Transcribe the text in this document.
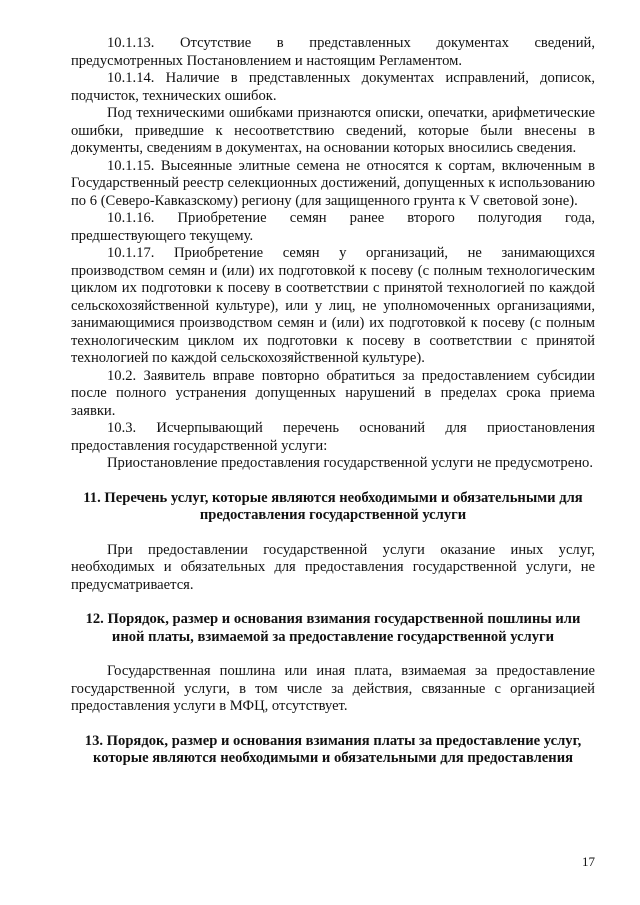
10.1.13. Отсутствие в представленных документах сведений, предусмотренных Постановлением и настоящим Регламентом.

10.1.14. Наличие в представленных документах исправлений, дописок, подчисток, технических ошибок.

Под техническими ошибками признаются описки, опечатки, арифметические ошибки, приведшие к несоответствию сведений, которые были внесены в документы, сведениям в документах, на основании которых вносились сведения.

10.1.15. Высеянные элитные семена не относятся к сортам, включенным в Государственный реестр селекционных достижений, допущенных к использованию по 6 (Северо-Кавказскому) региону (для защищенного грунта к V световой зоне).

10.1.16. Приобретение семян ранее второго полугодия года, предшествующего текущему.

10.1.17. Приобретение семян у организаций, не занимающихся производством семян и (или) их подготовкой к посеву (с полным технологическим циклом их подготовки к посеву в соответствии с принятой технологией по каждой сельскохозяйственной культуре), или у лиц, не уполномоченных организациями, занимающимися производством семян и (или) их подготовкой к посеву (с полным технологическим циклом их подготовки к посеву в соответствии с принятой технологией по каждой сельскохозяйственной культуре).

10.2. Заявитель вправе повторно обратиться за предоставлением субсидии после полного устранения допущенных нарушений в пределах срока приема заявки.

10.3. Исчерпывающий перечень оснований для приостановления предоставления государственной услуги:

Приостановление предоставления государственной услуги не предусмотрено.

11. Перечень услуг, которые являются необходимыми и обязательными для предоставления государственной услуги

При предоставлении государственной услуги оказание иных услуг, необходимых и обязательных для предоставления государственной услуги, не предусматривается.

12. Порядок, размер и основания взимания государственной пошлины или иной платы, взимаемой за предоставление государственной услуги

Государственная пошлина или иная плата, взимаемая за предоставление государственной услуги, в том числе за действия, связанные с организацией предоставления услуги в МФЦ, отсутствует.

13. Порядок, размер и основания взимания платы за предоставление услуг, которые являются необходимыми и обязательными для предоставления

17
